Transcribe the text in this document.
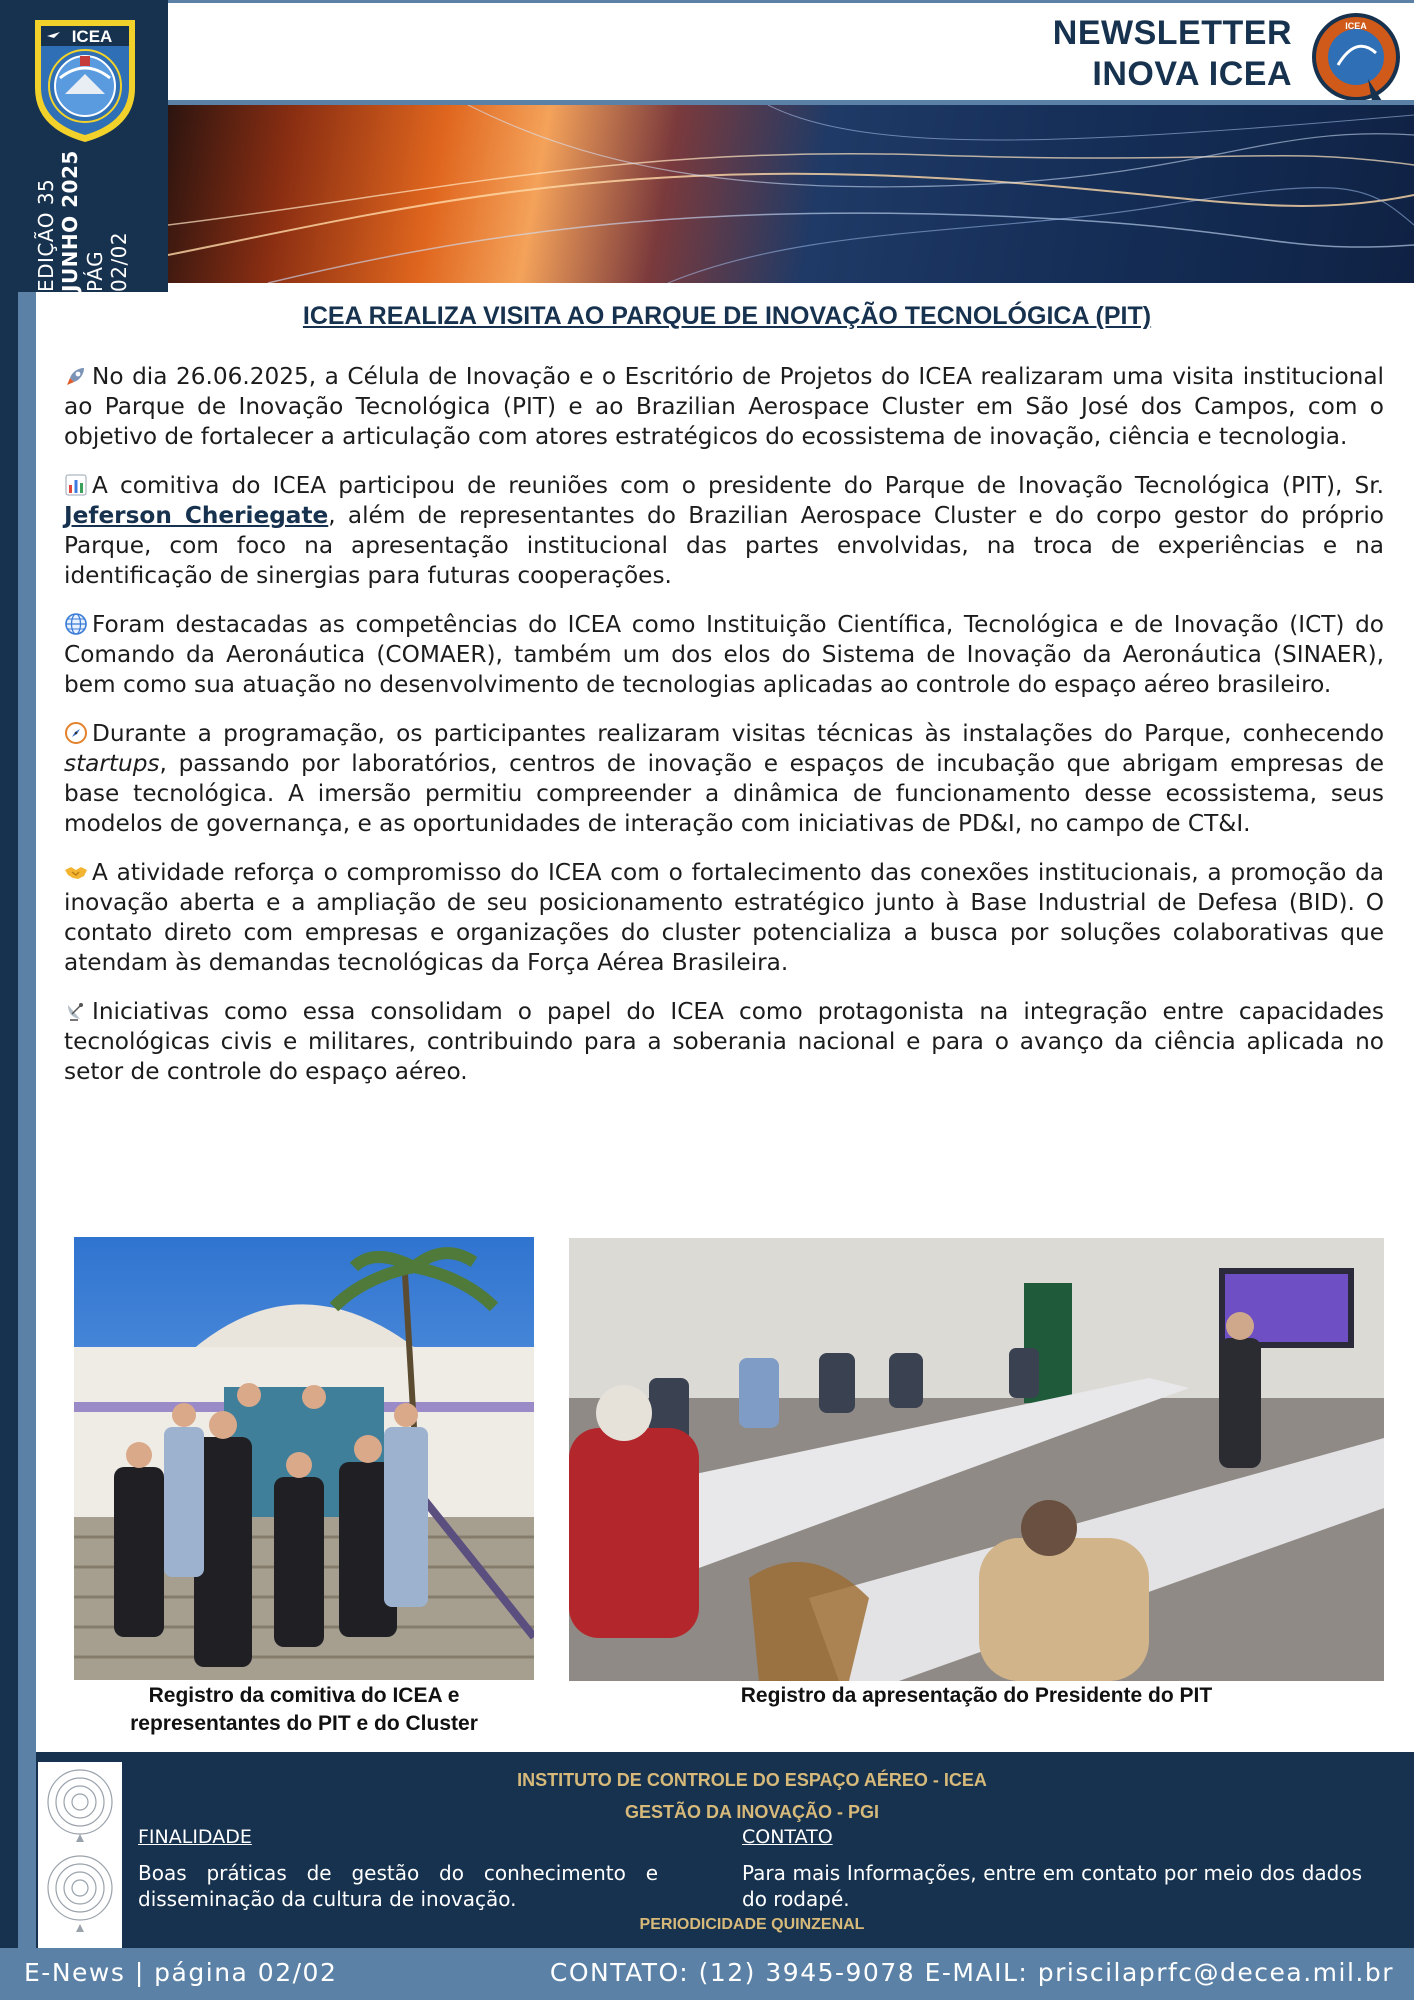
ICEA
EDIÇÃO 35 JUNHO 2025 PÁG 02/02
NEWSLETTER
INOVA ICEA
ICEA
ICEA REALIZA VISITA AO PARQUE DE INOVAÇÃO TECNOLÓGICA (PIT)

No dia 26.06.2025, a Célula de Inovação e o Escritório de Projetos do ICEA realizaram uma visita institucional ao Parque de Inovação Tecnológica (PIT) e ao Brazilian Aerospace Cluster em São José dos Campos, com o objetivo de fortalecer a articulação com atores estratégicos do ecossistema de inovação, ciência e tecnologia.

A comitiva do ICEA participou de reuniões com o presidente do Parque de Inovação Tecnológica (PIT), Sr. Jeferson Cheriegate, além de representantes do Brazilian Aerospace Cluster e do corpo gestor do próprio Parque, com foco na apresentação institucional das partes envolvidas, na troca de experiências e na identificação de sinergias para futuras cooperações.

Foram destacadas as competências do ICEA como Instituição Científica, Tecnológica e de Inovação (ICT) do Comando da Aeronáutica (COMAER), também um dos elos do Sistema de Inovação da Aeronáutica (SINAER), bem como sua atuação no desenvolvimento de tecnologias aplicadas ao controle do espaço aéreo brasileiro.

Durante a programação, os participantes realizaram visitas técnicas às instalações do Parque, conhecendo startups, passando por laboratórios, centros de inovação e espaços de incubação que abrigam empresas de base tecnológica. A imersão permitiu compreender a dinâmica de funcionamento desse ecossistema, seus modelos de governança, e as oportunidades de interação com iniciativas de PD&I, no campo de CT&I.

A atividade reforça o compromisso do ICEA com o fortalecimento das conexões institucionais, a promoção da inovação aberta e a ampliação de seu posicionamento estratégico junto à Base Industrial de Defesa (BID). O contato direto com empresas e organizações do cluster potencializa a busca por soluções colaborativas que atendam às demandas tecnológicas da Força Aérea Brasileira.

Iniciativas como essa consolidam o papel do ICEA como protagonista na integração entre capacidades tecnológicas civis e militares, contribuindo para a soberania nacional e para o avanço da ciência aplicada no setor de controle do espaço aéreo.

Registro da comitiva do ICEA e
representantes do PIT e do Cluster
Registro da apresentação do Presidente do PIT
INSTITUTO DE CONTROLE DO ESPAÇO AÉREO - ICEA
GESTÃO DA INOVAÇÃO - PGI
FINALIDADE
Boas práticas de gestão do conhecimento e disseminação da cultura de inovação.
CONTATO
Para mais Informações, entre em contato por meio dos dados do rodapé.
PERIODICIDADE QUINZENAL
E-News | página 02/02	CONTATO: (12) 3945-9078 E-MAIL: priscilaprfc@decea.mil.br
